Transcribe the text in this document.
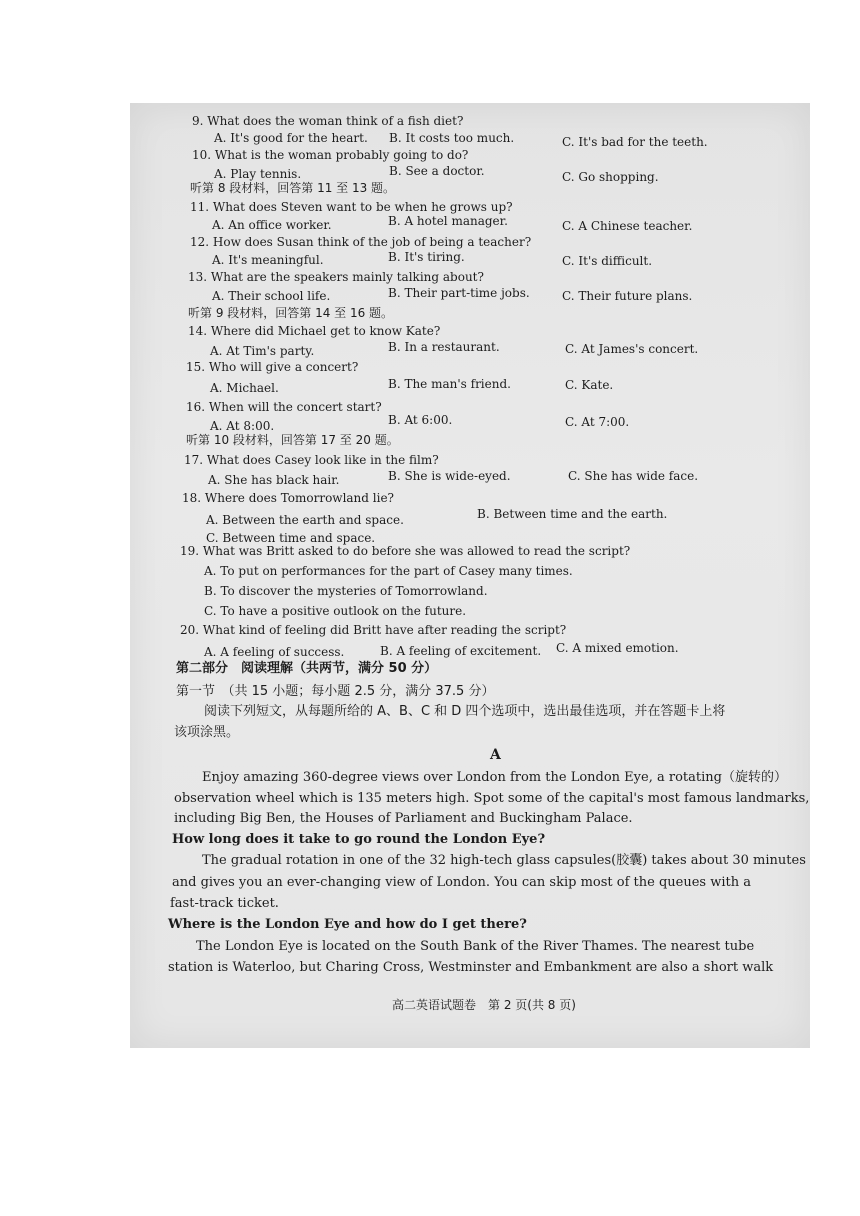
9. What does the woman think of a fish diet?
A. It's good for the heart. B. It costs too much.	C. It's bad for the teeth.
10. What is the woman probably going to do?
A. Play tennis.	B. See a doctor.	C. Go shopping.
听第 8 段材料，回答第 11 至 13 题。
11. What does Steven want to be when he grows up?
A. An office worker.	B. A hotel manager.	C. A Chinese teacher.
12. How does Susan think of the job of being a teacher?
A. It's meaningful.	B. It's tiring.	C. It's difficult.
13. What are the speakers mainly talking about?
A. Their school life.	B. Their part-time jobs.	C. Their future plans.
听第 9 段材料，回答第 14 至 16 题。
14. Where did Michael get to know Kate?
A. At Tim's party.	B. In a restaurant.	C. At James's concert.
15. Who will give a concert?
A. Michael.	B. The man's friend.	C. Kate.
16. When will the concert start?
A. At 8:00.	B. At 6:00.	C. At 7:00.
听第 10 段材料，回答第 17 至 20 题。
17. What does Casey look like in the film?
A. She has black hair.	B. She is wide-eyed.	C. She has wide face.
18. Where does Tomorrowland lie?
A. Between the earth and space.	B. Between time and the earth.
C. Between time and space.
19. What was Britt asked to do before she was allowed to read the script?
A. To put on performances for the part of Casey many times.
B. To discover the mysteries of Tomorrowland.
C. To have a positive outlook on the future.
20. What kind of feeling did Britt have after reading the script?
A. A feeling of success.	B. A feeling of excitement. C. A mixed emotion.
第二部分　阅读理解（共两节，满分 50 分）
第一节　（共 15 小题；每小题 2.5 分，满分 37.5 分）
阅读下列短文，从每题所给的 A、B、C 和 D 四个选项中，选出最佳选项，并在答题卡上将
该项涂黑。
A
Enjoy amazing 360-degree views over London from the London Eye, a rotating（旋转的）
observation wheel which is 135 meters high. Spot some of the capital's most famous landmarks,
including Big Ben, the Houses of Parliament and Buckingham Palace.
How long does it take to go round the London Eye?
The gradual rotation in one of the 32 high-tech glass capsules(胶囊) takes about 30 minutes
and gives you an ever-changing view of London. You can skip most of the queues with a
fast-track ticket.
Where is the London Eye and how do I get there?
The London Eye is located on the South Bank of the River Thames. The nearest tube
station is Waterloo, but Charing Cross, Westminster and Embankment are also a short walk
高二英语试题卷　第 2 页(共 8 页)
